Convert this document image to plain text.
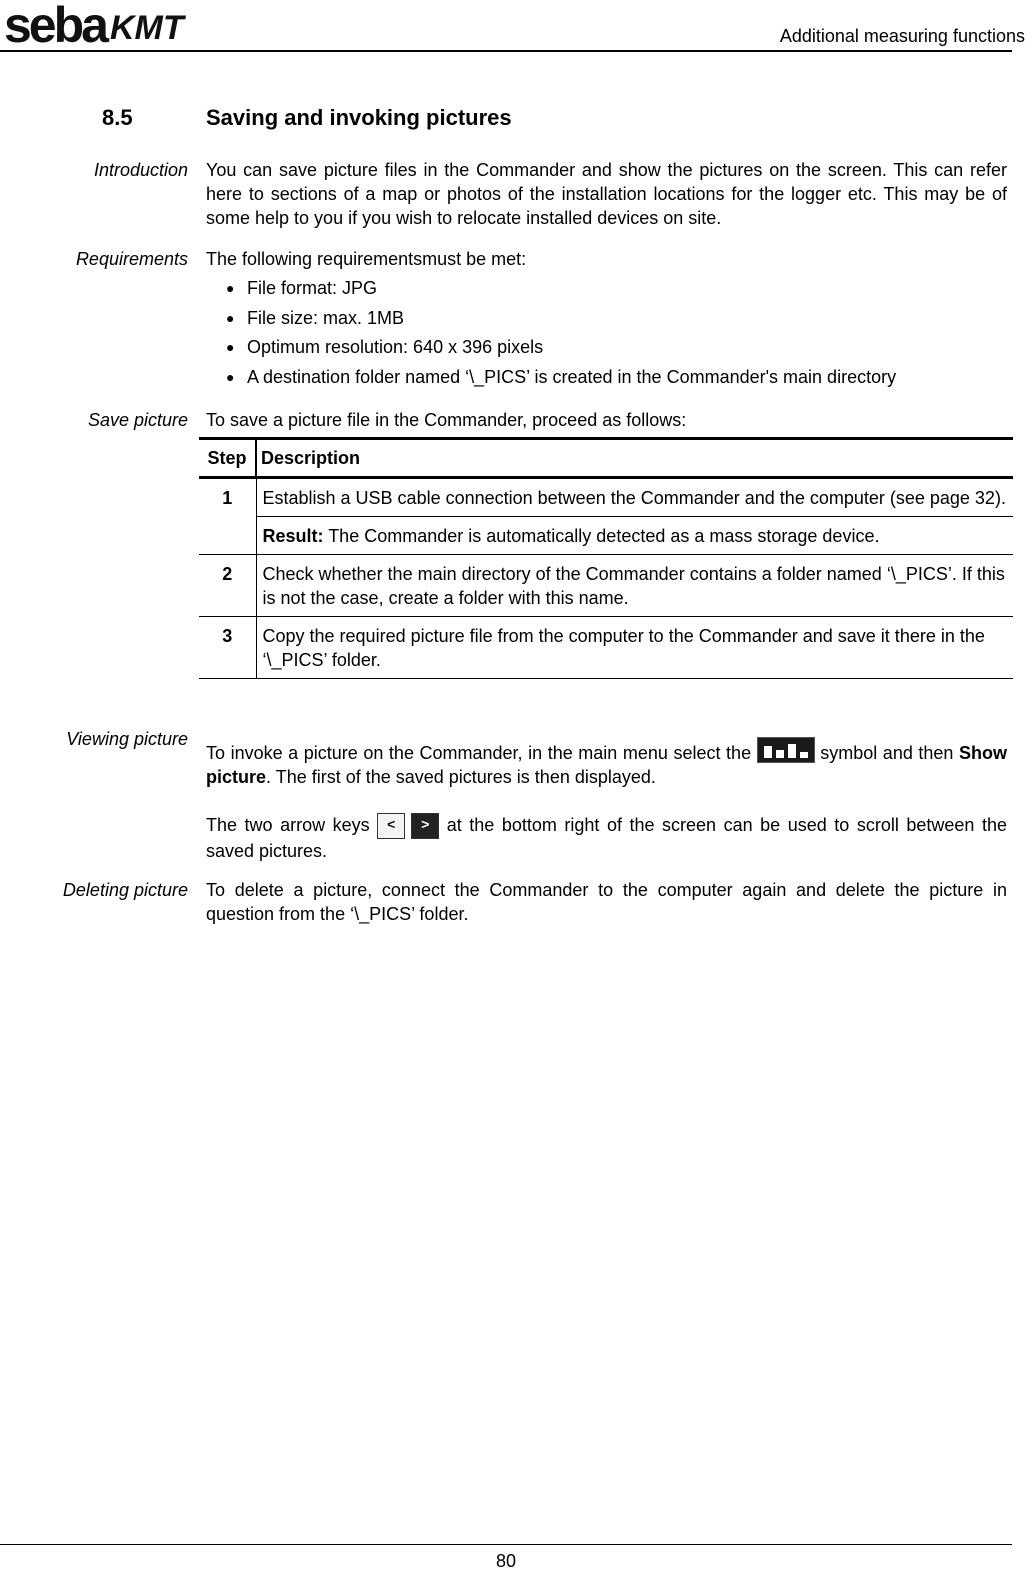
seba KMT	Additional measuring functions
8.5	Saving and invoking pictures
Introduction You can save picture files in the Commander and show the pictures on the screen. This can refer here to sections of a map or photos of the installation locations for the logger etc. This may be of some help to you if you wish to relocate installed devices on site.
Requirements The following requirementsmust be met:
● File format: JPG
● File size: max. 1MB
● Optimum resolution: 640 x 396 pixels
● A destination folder named ‘\_PICS’ is created in the Commander's main directory
Save picture To save a picture file in the Commander, proceed as follows:
Step	Description
1	Establish a USB cable connection between the Commander and the computer (see page 32).
	Result: The Commander is automatically detected as a mass storage device.
2	Check whether the main directory of the Commander contains a folder named ‘\_PICS’. If this is not the case, create a folder with this name.
3	Copy the required picture file from the computer to the Commander and save it there in the ‘\_PICS’ folder.
Viewing picture
To invoke a picture on the Commander, in the main menu select the	symbol and then Show picture. The first of the saved pictures is then displayed.
The two arrow keys < > at the bottom right of the screen can be used to scroll between the saved pictures.
Deleting picture To delete a picture, connect the Commander to the computer again and delete the picture in question from the ‘\_PICS’ folder.
80
